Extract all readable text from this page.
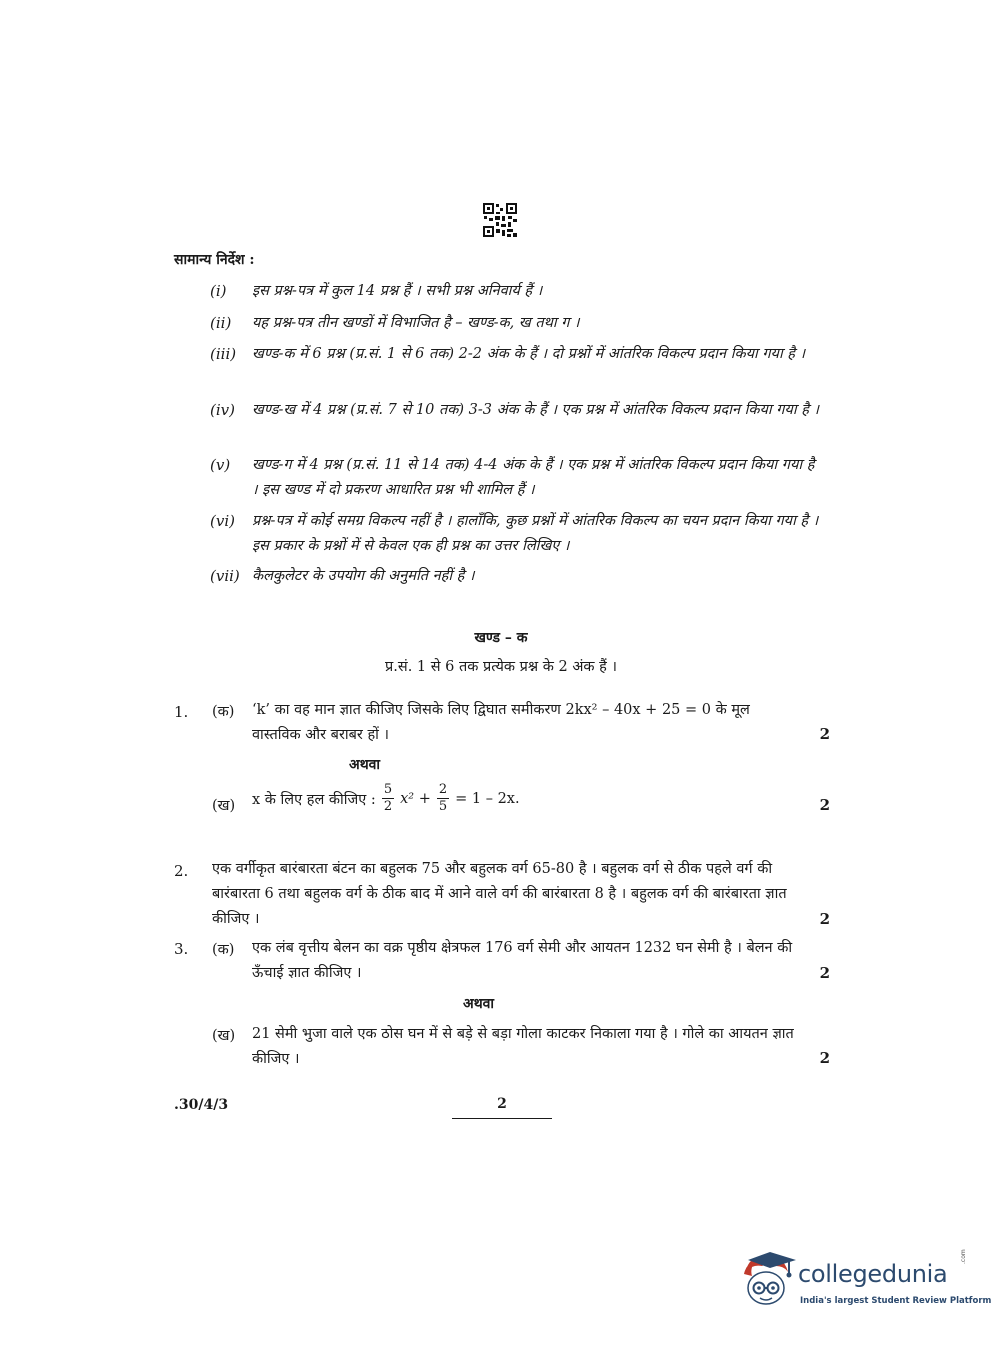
सामान्य निर्देश :
(i) इस प्रश्न-पत्र में कुल 14 प्रश्न हैं । सभी प्रश्न अनिवार्य हैं ।
(ii) यह प्रश्न-पत्र तीन खण्डों में विभाजित है – खण्ड-क, ख तथा ग ।
(iii) खण्ड-क में 6 प्रश्न (प्र.सं. 1 से 6 तक) 2-2 अंक के हैं । दो प्रश्नों में आंतरिक विकल्प प्रदान किया गया है ।
(iv) खण्ड-ख में 4 प्रश्न (प्र.सं. 7 से 10 तक) 3-3 अंक के हैं । एक प्रश्न में आंतरिक विकल्प प्रदान किया गया है ।
(v) खण्ड-ग में 4 प्रश्न (प्र.सं. 11 से 14 तक) 4-4 अंक के हैं । एक प्रश्न में आंतरिक विकल्प प्रदान किया गया है । इस खण्ड में दो प्रकरण आधारित प्रश्न भी शामिल हैं ।
(vi) प्रश्न-पत्र में कोई समग्र विकल्प नहीं है । हालाँकि, कुछ प्रश्नों में आंतरिक विकल्प का चयन प्रदान किया गया है । इस प्रकार के प्रश्नों में से केवल एक ही प्रश्न का उत्तर लिखिए ।
(vii) कैलकुलेटर के उपयोग की अनुमति नहीं है ।
खण्ड – क
प्र.सं. 1 से 6 तक प्रत्येक प्रश्न के 2 अंक हैं ।
1. (क) ‘k’ का वह मान ज्ञात कीजिए जिसके लिए द्विघात समीकरण 2kx² – 40x + 25 = 0 के मूल वास्तविक और बराबर हों ।	2
अथवा
(ख) x के लिए हल कीजिए : $\frac{5}{2} x^2 + \frac{2}{5} = 1 - 2x$.	2
2. एक वर्गीकृत बारंबारता बंटन का बहुलक 75 और बहुलक वर्ग 65-80 है । बहुलक वर्ग से ठीक पहले वर्ग की बारंबारता 6 तथा बहुलक वर्ग के ठीक बाद में आने वाले वर्ग की बारंबारता 8 है । बहुलक वर्ग की बारंबारता ज्ञात कीजिए ।	2
3. (क) एक लंब वृत्तीय बेलन का वक्र पृष्ठीय क्षेत्रफल 176 वर्ग सेमी और आयतन 1232 घन सेमी है । बेलन की ऊँचाई ज्ञात कीजिए ।	2
अथवा
(ख) 21 सेमी भुजा वाले एक ठोस घन में से बड़े से बड़ा गोला काटकर निकाला गया है । गोले का आयतन ज्ञात कीजिए ।	2
.30/4/3	2
collegedunia
.com
India's largest Student Review Platform
